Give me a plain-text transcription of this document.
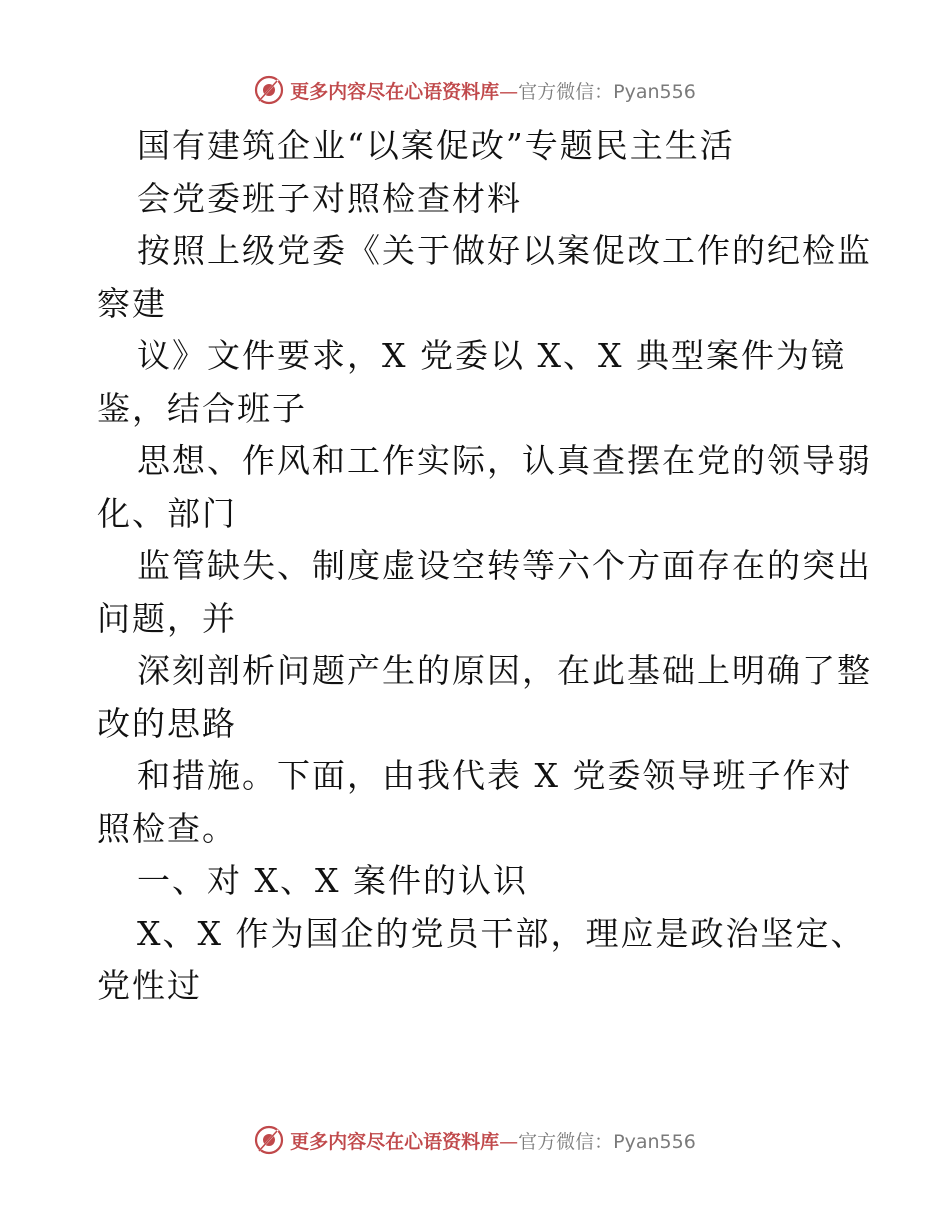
更多内容尽在心语资料库—官方微信：Pyan556
国有建筑企业“以案促改”专题民主生活
会党委班子对照检查材料
按照上级党委《关于做好以案促改工作的纪检监
察建
议》文件要求，X 党委以 X、X 典型案件为镜
鉴，结合班子
思想、作风和工作实际，认真查摆在党的领导弱
化、部门
监管缺失、制度虚设空转等六个方面存在的突出
问题，并
深刻剖析问题产生的原因，在此基础上明确了整
改的思路
和措施。下面，由我代表 X 党委领导班子作对
照检查。
一、对 X、X 案件的认识
X、X 作为国企的党员干部，理应是政治坚定、
党性过
更多内容尽在心语资料库—官方微信：Pyan556
